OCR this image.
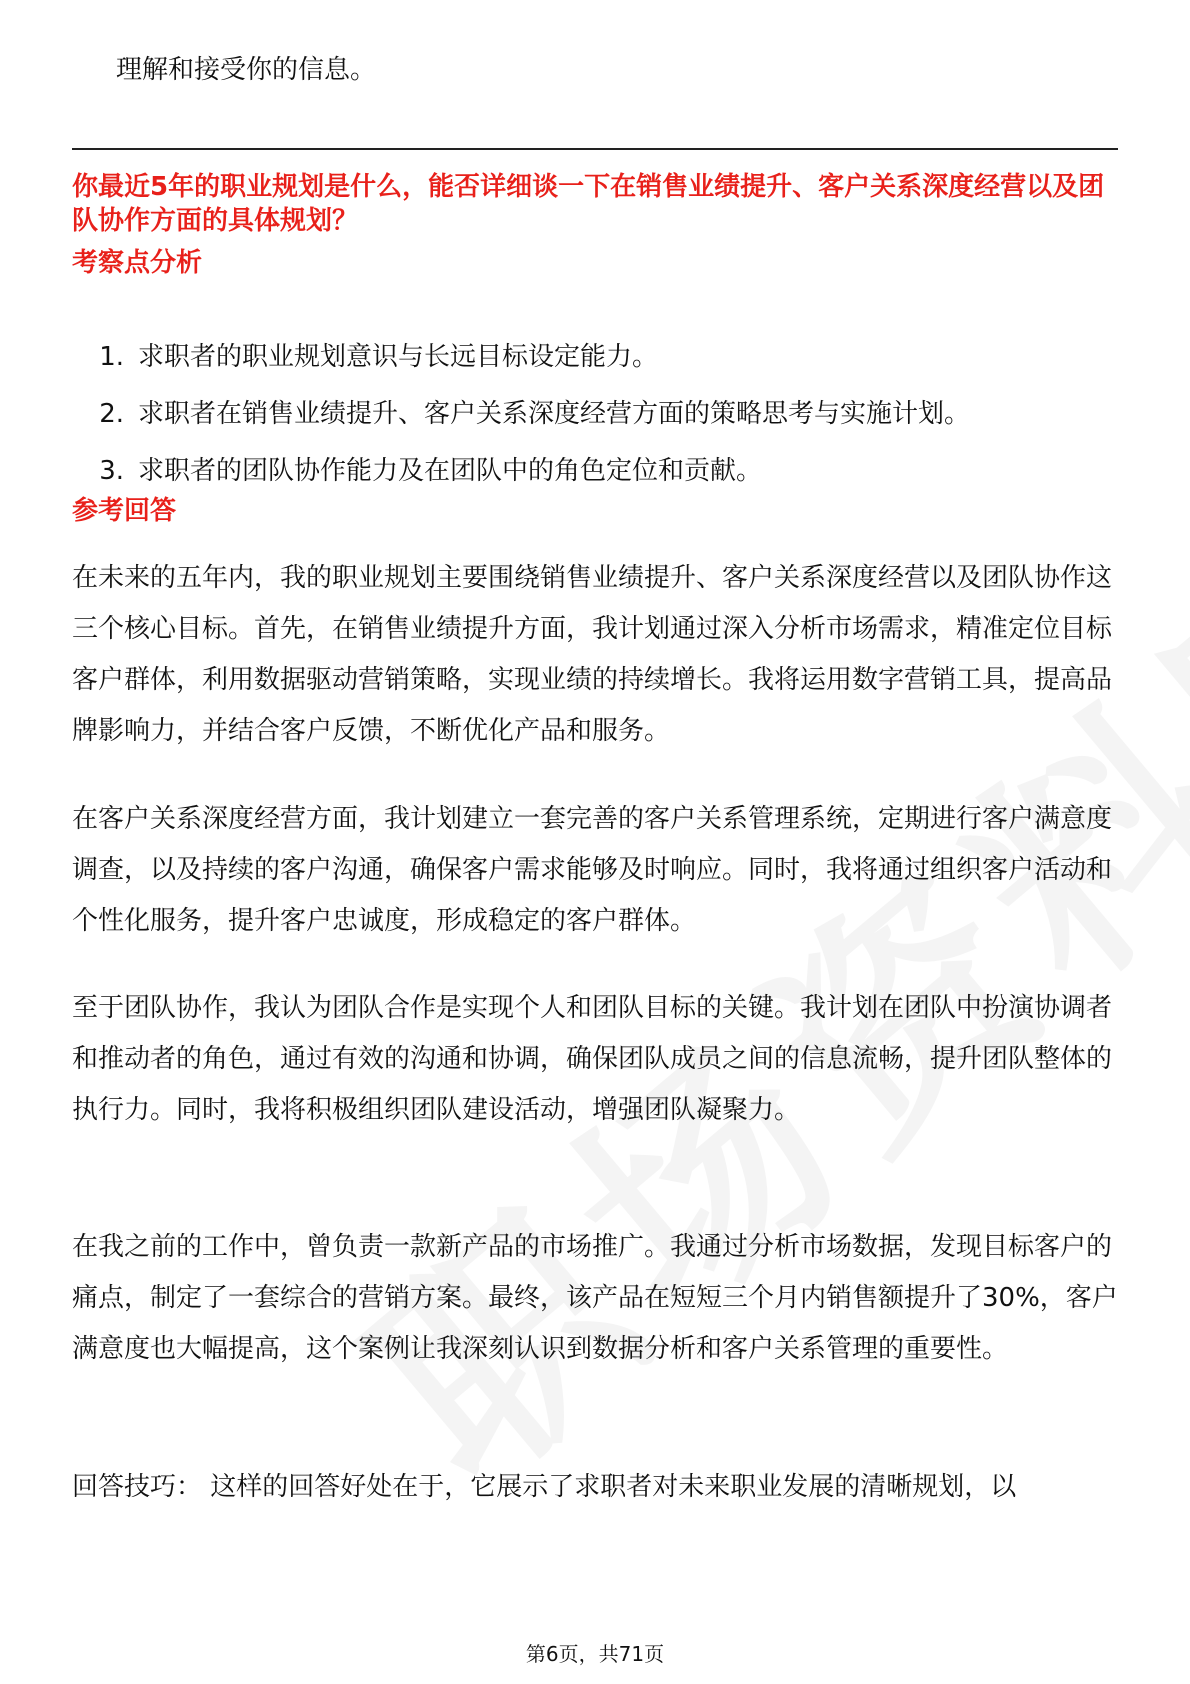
理解和接受你的信息。
你最近5年的职业规划是什么，能否详细谈一下在销售业绩提升、客户关系深度经营以及团队协作方面的具体规划？
考察点分析
1. 求职者的职业规划意识与长远目标设定能力。
2. 求职者在销售业绩提升、客户关系深度经营方面的策略思考与实施计划。
3. 求职者的团队协作能力及在团队中的角色定位和贡献。
参考回答

在未来的五年内，我的职业规划主要围绕销售业绩提升、客户关系深度经营以及团队协作这三个核心目标。首先，在销售业绩提升方面，我计划通过深入分析市场需求，精准定位目标客户群体，利用数据驱动营销策略，实现业绩的持续增长。我将运用数字营销工具，提高品牌影响力，并结合客户反馈，不断优化产品和服务。

在客户关系深度经营方面，我计划建立一套完善的客户关系管理系统，定期进行客户满意度调查，以及持续的客户沟通，确保客户需求能够及时响应。同时，我将通过组织客户活动和个性化服务，提升客户忠诚度，形成稳定的客户群体。

至于团队协作，我认为团队合作是实现个人和团队目标的关键。我计划在团队中扮演协调者和推动者的角色，通过有效的沟通和协调，确保团队成员之间的信息流畅，提升团队整体的执行力。同时，我将积极组织团队建设活动，增强团队凝聚力。

在我之前的工作中，曾负责一款新产品的市场推广。我通过分析市场数据，发现目标客户的痛点，制定了一套综合的营销方案。最终，该产品在短短三个月内销售额提升了30%，客户满意度也大幅提高，这个案例让我深刻认识到数据分析和客户关系管理的重要性。

回答技巧： 这样的回答好处在于，它展示了求职者对未来职业发展的清晰规划，以

第6页，共71页
